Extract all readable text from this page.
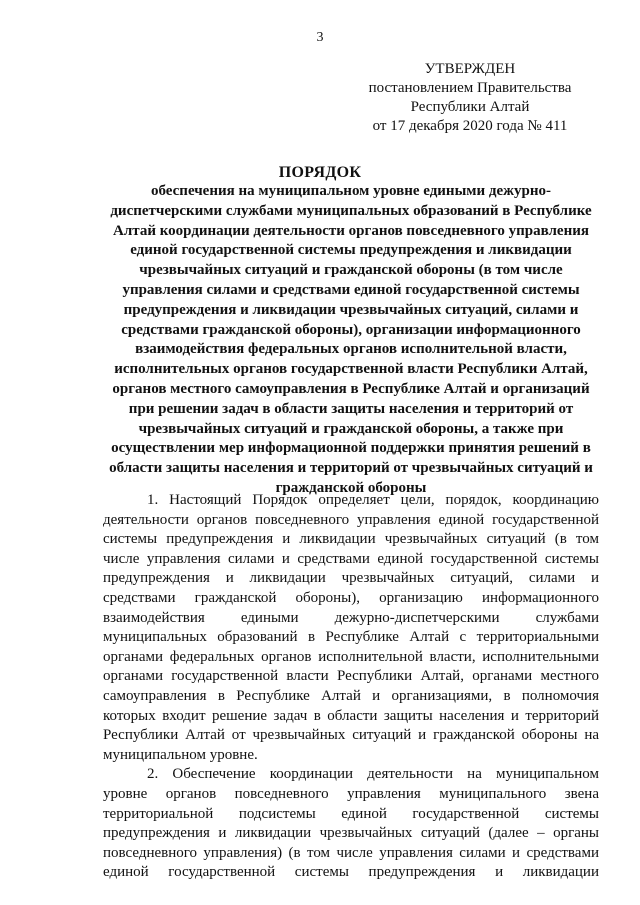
3
УТВЕРЖДЕН
постановлением Правительства
Республики Алтай
от 17 декабря 2020 года № 411
ПОРЯДОК
обеспечения на муниципальном уровне едиными дежурно-
диспетчерскими службами муниципальных образований в Республике
Алтай координации деятельности органов повседневного управления
единой государственной системы предупреждения и ликвидации
чрезвычайных ситуаций и гражданской обороны (в том числе
управления силами и средствами единой государственной системы
предупреждения и ликвидации чрезвычайных ситуаций, силами и
средствами гражданской обороны), организации информационного
взаимодействия федеральных органов исполнительной власти,
исполнительных органов государственной власти Республики Алтай,
органов местного самоуправления в Республике Алтай и организаций
при решении задач в области защиты населения и территорий от
чрезвычайных ситуаций и гражданской обороны, а также при
осуществлении мер информационной поддержки принятия решений в
области защиты населения и территорий от чрезвычайных ситуаций и
гражданской обороны
1. Настоящий Порядок определяет цели, порядок, координацию
деятельности органов повседневного управления единой государственной
системы предупреждения и ликвидации чрезвычайных ситуаций (в том
числе управления силами и средствами единой государственной системы
предупреждения и ликвидации чрезвычайных ситуаций, силами и
средствами гражданской обороны), организацию информационного
взаимодействия едиными дежурно-диспетчерскими службами
муниципальных образований в Республике Алтай с территориальными
органами федеральных органов исполнительной власти, исполнительными
органами государственной власти Республики Алтай, органами местного
самоуправления в Республике Алтай и организациями, в полномочия
которых входит решение задач в области защиты населения и территорий
Республики Алтай от чрезвычайных ситуаций и гражданской обороны на
муниципальном уровне.
2. Обеспечение координации деятельности на муниципальном
уровне органов повседневного управления муниципального звена
территориальной подсистемы единой государственной системы
предупреждения и ликвидации чрезвычайных ситуаций (далее – органы
повседневного управления) (в том числе управления силами и средствами
единой государственной системы предупреждения и ликвидации
